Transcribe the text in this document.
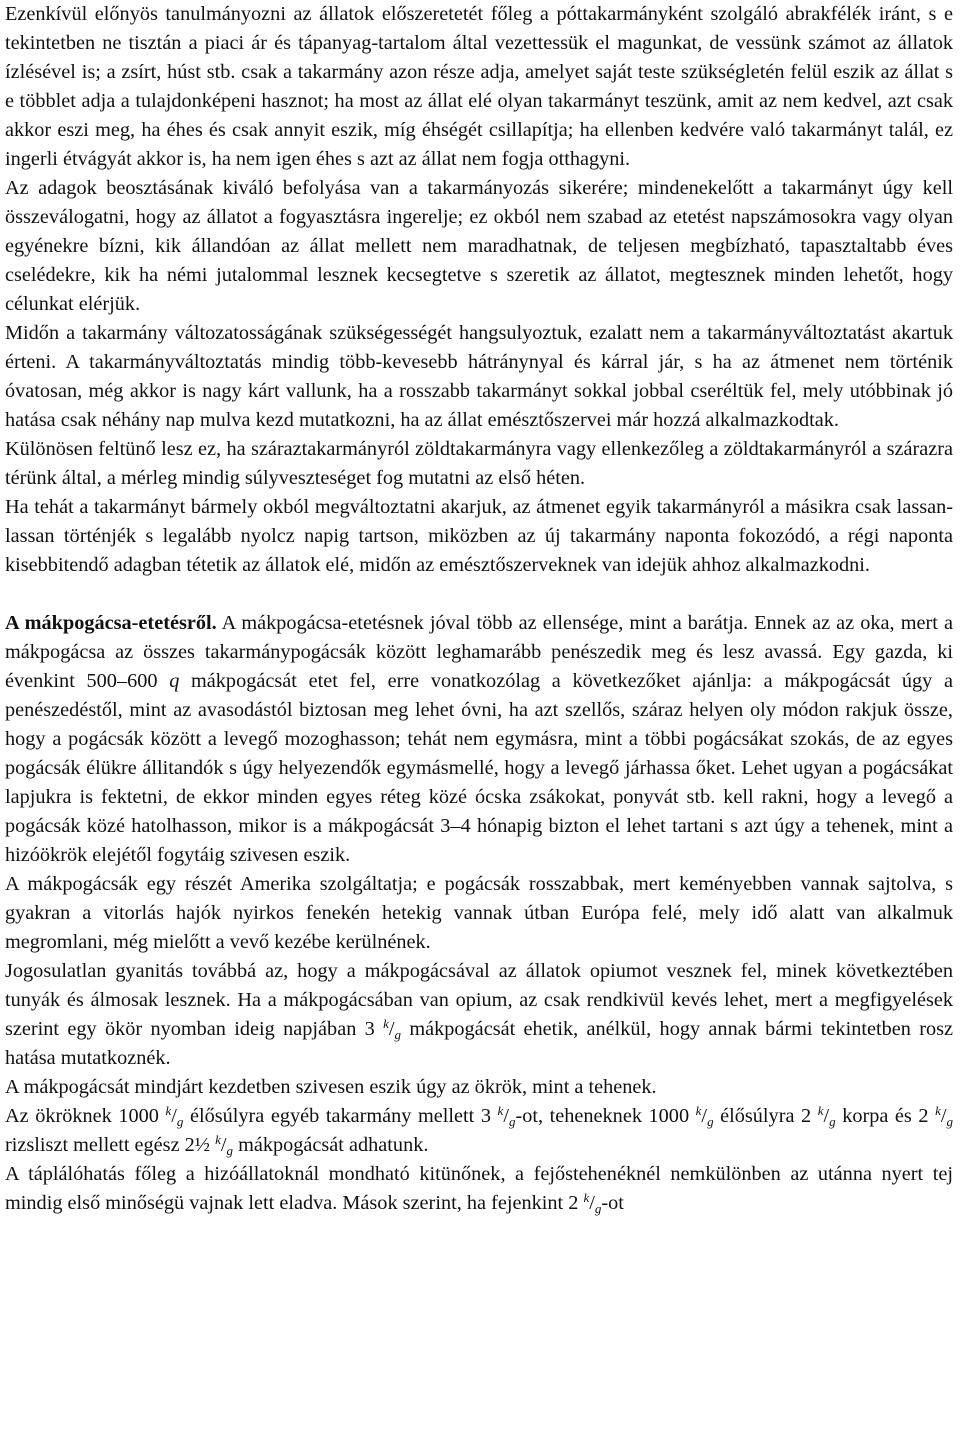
Ezenkívül előnyös tanulmányozni az állatok előszeretetét főleg a póttakarmányként szolgáló abrakfélék iránt, s e tekintetben ne tisztán a piaci ár és tápanyag-tartalom által vezettessük el magunkat, de vessünk számot az állatok ízlésével is; a zsírt, húst stb. csak a takarmány azon része adja, amelyet saját teste szükségletén felül eszik az állat s e többlet adja a tulajdonképeni hasznot; ha most az állat elé olyan takarmányt teszünk, amit az nem kedvel, azt csak akkor eszi meg, ha éhes és csak annyit eszik, míg éhségét csillapítja; ha ellenben kedvére való takarmányt talál, ez ingerli étvágyát akkor is, ha nem igen éhes s azt az állat nem fogja otthagyni.

Az adagok beosztásának kiváló befolyása van a takarmányozás sikerére; mindenekelőtt a takarmányt úgy kell összeválogatni, hogy az állatot a fogyasztásra ingerelje; ez okból nem szabad az etetést napszámosokra vagy olyan egyénekre bízni, kik állandóan az állat mellett nem maradhatnak, de teljesen megbízható, tapasztaltabb éves cselédekre, kik ha némi jutalommal lesznek kecsegtetve s szeretik az állatot, megtesznek minden lehetőt, hogy célunkat elérjük.

Midőn a takarmány változatosságának szükségességét hangsulyoztuk, ezalatt nem a takarmányváltoztatást akartuk érteni. A takarmányváltoztatás mindig több-kevesebb hátránynyal és kárral jár, s ha az átmenet nem történik óvatosan, még akkor is nagy kárt vallunk, ha a rosszabb takarmányt sokkal jobbal cseréltük fel, mely utóbbinak jó hatása csak néhány nap mulva kezd mutatkozni, ha az állat emésztőszervei már hozzá alkalmazkodtak.

Különösen feltünő lesz ez, ha száraztakarmányról zöldtakarmányra vagy ellenkezőleg a zöldtakarmányról a szárazra térünk által, a mérleg mindig súlyveszteséget fog mutatni az első héten.

Ha tehát a takarmányt bármely okból megváltoztatni akarjuk, az átmenet egyik takarmányról a másikra csak lassan-lassan történjék s legalább nyolcz napig tartson, miközben az új takarmány naponta fokozódó, a régi naponta kisebbitendő adagban tétetik az állatok elé, midőn az emésztőszerveknek van idejük ahhoz alkalmazkodni.

A mákpogácsa-etetésről. A mákpogácsa-etetésnek jóval több az ellensége, mint a barátja. Ennek az az oka, mert a mákpogácsa az összes takarmánypogácsák között leghamarább penészedik meg és lesz avassá. Egy gazda, ki évenkint 500–600 q mákpogácsát etet fel, erre vonatkozólag a következőket ajánlja: a mákpogácsát úgy a penészedéstől, mint az avasodástól biztosan meg lehet óvni, ha azt szellős, száraz helyen oly módon rakjuk össze, hogy a pogácsák között a levegő mozoghasson; tehát nem egymásra, mint a többi pogácsákat szokás, de az egyes pogácsák élükre állitandók s úgy helyezendők egymásmellé, hogy a levegő járhassa őket. Lehet ugyan a pogácsákat lapjukra is fektetni, de ekkor minden egyes réteg közé ócska zsákokat, ponyvát stb. kell rakni, hogy a levegő a pogácsák közé hatolhasson, mikor is a mákpogácsát 3–4 hónapig bizton el lehet tartani s azt úgy a tehenek, mint a hizóökrök elejétől fogytáig szivesen eszik.

A mákpogácsák egy részét Amerika szolgáltatja; e pogácsák rosszabbak, mert keményebben vannak sajtolva, s gyakran a vitorlás hajók nyirkos fenekén hetekig vannak útban Európa felé, mely idő alatt van alkalmuk megromlani, még mielőtt a vevő kezébe kerülnének.

Jogosulatlan gyanitás továbbá az, hogy a mákpogácsával az állatok opiumot vesznek fel, minek következtében tunyák és álmosak lesznek. Ha a mákpogácsában van opium, az csak rendkivül kevés lehet, mert a megfigyelések szerint egy ökör nyomban ideig napjában 3 $^k/_g$ mákpogácsát ehetik, anélkül, hogy annak bármi tekintetben rosz hatása mutatkoznék.

A mákpogácsát mindjárt kezdetben szivesen eszik úgy az ökrök, mint a tehenek.

Az ökröknek 1000 $^k/_g$ élősúlyra egyéb takarmány mellett 3 $^k/_g-ot$, teheneknek 1000 $^k/_g$ élősúlyra 2 $^k/_g$ korpa és 2 $^k/_g$ rizsliszt mellett egész 2½ $^k/_g$ mákpogácsát adhatunk.

A táplálóhatás főleg a hizóállatoknál mondható kitünőnek, a fejőstehenéknél nemkülönben az utánna nyert tej mindig első minőségü vajnak lett eladva. Mások szerint, ha fejenkint 2 $^k/_g-ot$
